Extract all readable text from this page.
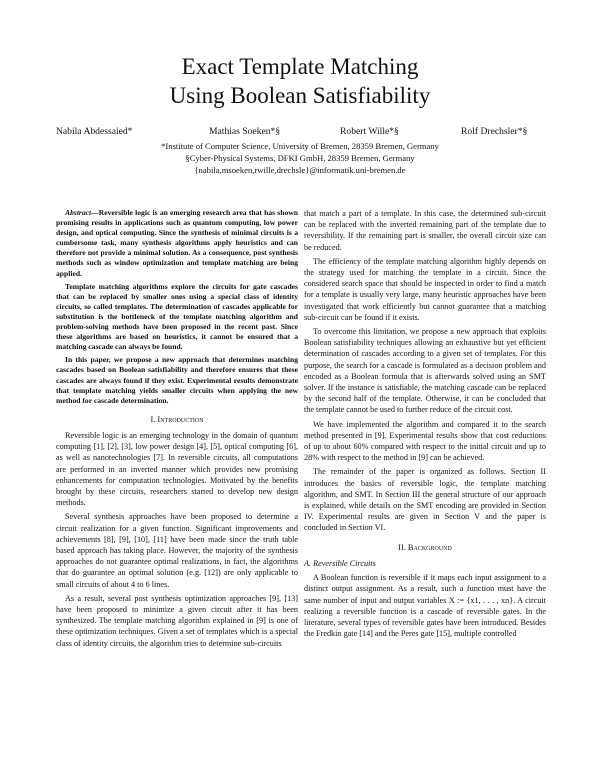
Exact Template Matching
Using Boolean Satisfiability
Nabila Abdessaied*	Mathias Soeken*§	Robert Wille*§	Rolf Drechsler*§
*Institute of Computer Science, University of Bremen, 28359 Bremen, Germany
§Cyber-Physical Systems, DFKI GmbH, 28359 Bremen, Germany
{nabila,msoeken,rwille,drechsle}@informatik.uni-bremen.de

Abstract—Reversible logic is an emerging research area that has shown promising results in applications such as quantum computing, low power design, and optical computing. Since the synthesis of minimal circuits is a cumbersome task, many synthesis algorithms apply heuristics and can therefore not provide a minimal solution. As a consequence, post synthesis methods such as window optimization and template matching are being applied.

Template matching algorithms explore the circuits for gate cascades that can be replaced by smaller ones using a special class of identity circuits, so called templates. The determination of cascades applicable for substitution is the bottleneck of the template matching algorithm and problem-solving methods have been proposed in the recent past. Since these algorithms are based on heuristics, it cannot be ensured that a matching cascade can always be found.

In this paper, we propose a new approach that determines matching cascades based on Boolean satisfiability and therefore ensures that these cascades are always found if they exist. Experimental results demonstrate that template matching yields smaller circuits when applying the new method for cascade determination.

I. Introduction

Reversible logic is an emerging technology in the domain of quantum computing [1], [2], [3], low power design [4], [5], optical computing [6], as well as nanotechnologies [7]. In reversible circuits, all computations are performed in an inverted manner which provides new promising enhancements for computation technologies. Motivated by the benefits brought by these circuits, researchers started to develop new design methods.

Several synthesis approaches have been proposed to determine a circuit realization for a given function. Significant improvements and achievements [8], [9], [10], [11] have been made since the truth table based approach has taking place. However, the majority of the synthesis approaches do not guarantee optimal realizations, in fact, the algorithms that do guarantee an optimal solution (e.g. [12]) are only applicable to small circuits of about 4 to 6 lines.

As a result, several post synthesis optimization approaches [9], [13] have been proposed to minimize a given circuit after it has been synthesized. The template matching algorithm explained in [9] is one of these optimization techniques. Given a set of templates which is a special class of identity circuits, the algorithm tries to determine sub-circuits

that match a part of a template. In this case, the determined sub-circuit can be replaced with the inverted remaining part of the template due to reversibility. If the remaining part is smaller, the overall circuit size can be reduced.

The efficiency of the template matching algorithm highly depends on the strategy used for matching the template in a circuit. Since the considered search space that should be inspected in order to find a match for a template is usually very large, many heuristic approaches have been investigated that work efficiently but cannot guarantee that a matching sub-circuit can be found if it exists.

To overcome this limitation, we propose a new approach that exploits Boolean satisfiability techniques allowing an exhaustive but yet efficient determination of cascades according to a given set of templates. For this purpose, the search for a cascade is formulated as a decision problem and encoded as a Boolean formula that is afterwards solved using an SMT solver. If the instance is satisfiable, the matching cascade can be replaced by the second half of the template. Otherwise, it can be concluded that the template cannot be used to further reduce of the circuit cost.

We have implemented the algorithm and compared it to the search method presented in [9]. Experimental results show that cost reductions of up to about 60% compared with respect to the initial circuit and up to 28% with respect to the method in [9] can be achieved.

The remainder of the paper is organized as follows. Section II introduces the basics of reversible logic, the template matching algorithm, and SMT. In Section III the general structure of our approach is explained, while details on the SMT encoding are provided in Section IV. Experimental results are given in Section V and the paper is concluded in Section VI.

II. Background
A. Reversible Circuits

A Boolean function is reversible if it maps each input assignment to a distinct output assignment. As a result, such a function must have the same number of input and output variables X := {x1, . . . , xn}. A circuit realizing a reversible function is a cascade of reversible gates. In the literature, several types of reversible gates have been introduced. Besides the Fredkin gate [14] and the Peres gate [15], multiple controlled
